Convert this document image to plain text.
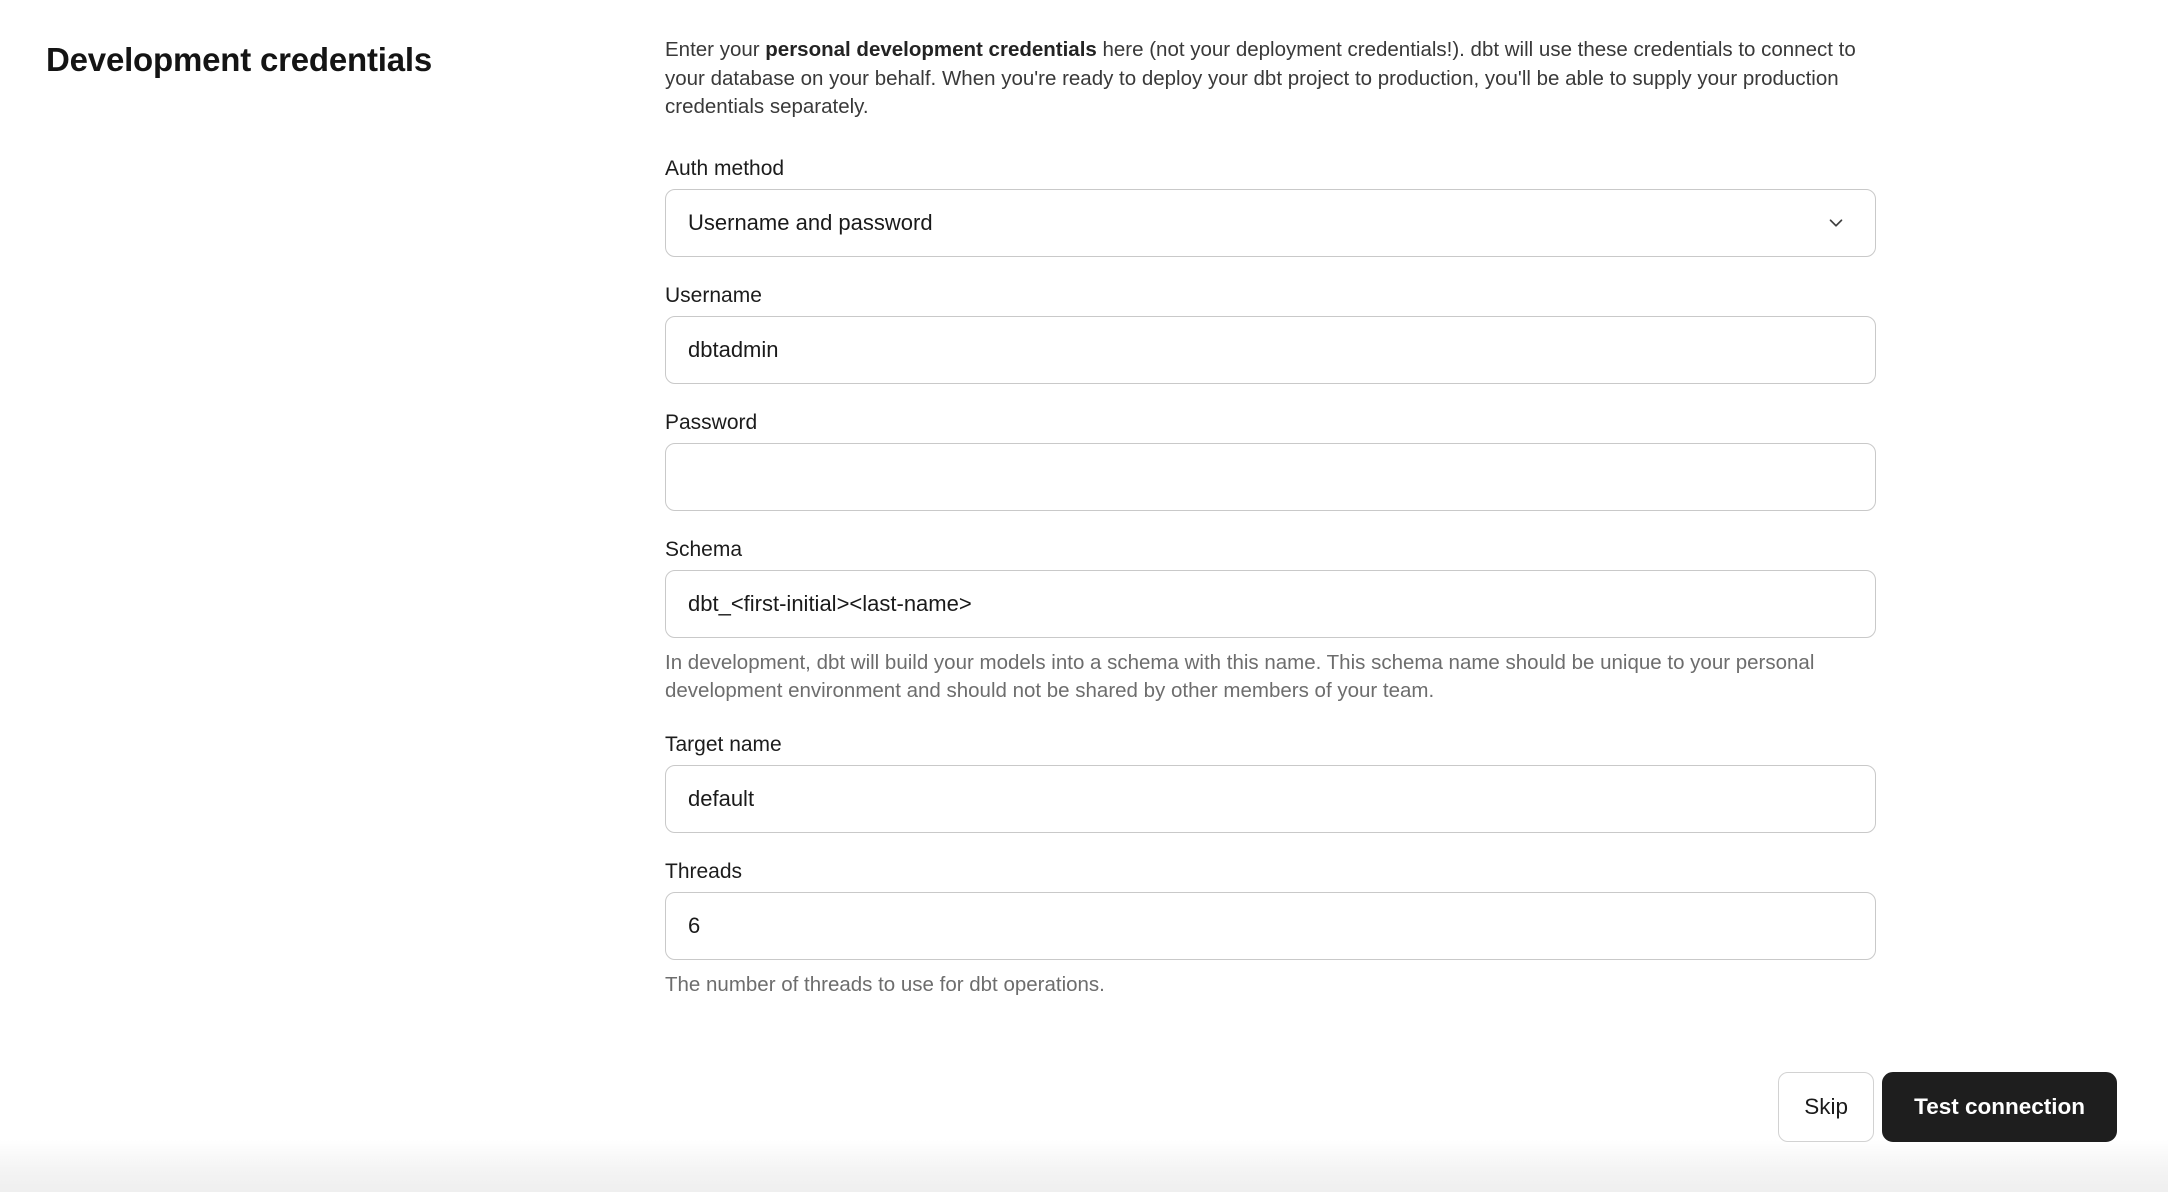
Development credentials	Enter your personal development credentials here (not your deployment credentials!). dbt will use these credentials to connect to your database on your behalf. When you're ready to deploy your dbt project to production, you'll be able to supply your production credentials separately.

Auth method
Username and password
Username
dbtadmin
Password
Schema
dbt_<first-initial><last-name>
In development, dbt will build your models into a schema with this name. This schema name should be unique to your personal development environment and should not be shared by other members of your team.
Target name
default
Threads
6
The number of threads to use for dbt operations.
Skip	Test connection
